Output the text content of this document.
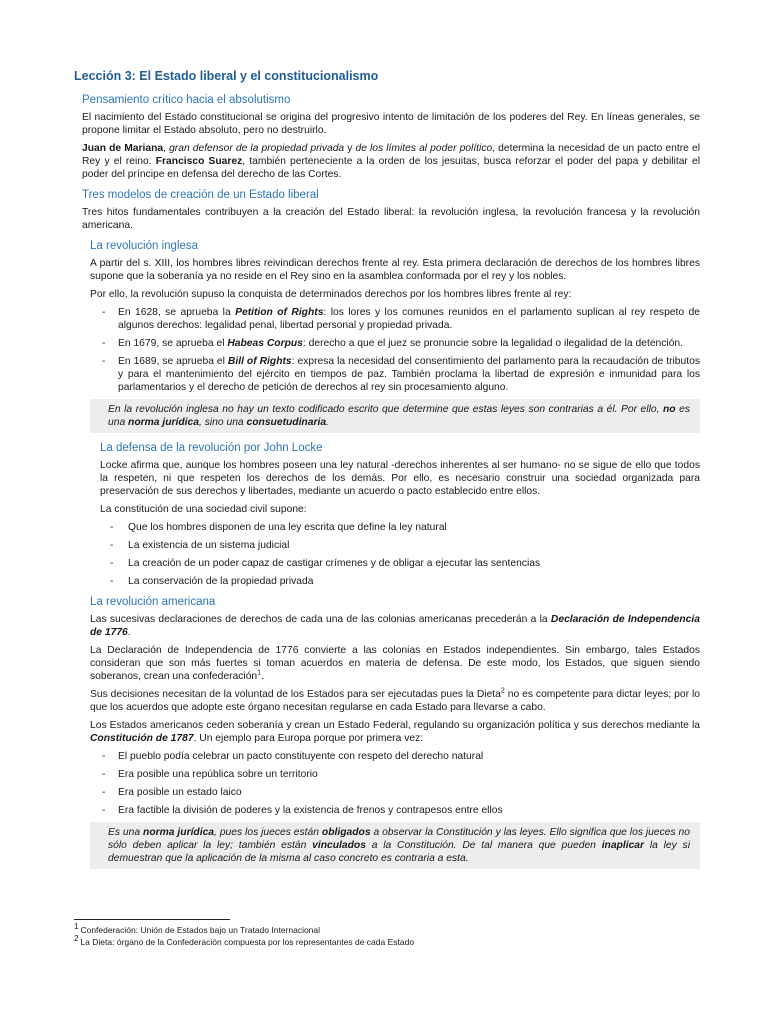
Lección 3: El Estado liberal y el constitucionalismo
Pensamiento crítico hacia el absolutismo

El nacimiento del Estado constitucional se origina del progresivo intento de limitación de los poderes del Rey. En líneas generales, se propone limitar el Estado absoluto, pero no destruirlo.

Juan de Mariana, gran defensor de la propiedad privada y de los límites al poder político, determina la necesidad de un pacto entre el Rey y el reino. Francisco Suarez, también perteneciente a la orden de los jesuitas, busca reforzar el poder del papa y debilitar el poder del príncipe en defensa del derecho de las Cortes.

Tres modelos de creación de un Estado liberal

Tres hitos fundamentales contribuyen a la creación del Estado liberal: la revolución inglesa, la revolución francesa y la revolución americana.

La revolución inglesa

A partir del s. XIII, los hombres libres reivindican derechos frente al rey. Esta primera declaración de derechos de los hombres libres supone que la soberanía ya no reside en el Rey sino en la asamblea conformada por el rey y los nobles.

Por ello, la revolución supuso la conquista de determinados derechos por los hombres libres frente al rey:

- En 1628, se aprueba la Petition of Rights: los lores y los comunes reunidos en el parlamento suplican al rey respeto de algunos derechos: legalidad penal, libertad personal y propiedad privada.
- En 1679, se aprueba el Habeas Corpus: derecho a que el juez se pronuncie sobre la legalidad o ilegalidad de la detención.
- En 1689, se aprueba el Bill of Rights: expresa la necesidad del consentimiento del parlamento para la recaudación de tributos y para el mantenimiento del ejército en tiempos de paz. También proclama la libertad de expresión e inmunidad para los parlamentarios y el derecho de petición de derechos al rey sin procesamiento alguno.
En la revolución inglesa no hay un texto codificado escrito que determine que estas leyes son contrarias a él. Por ello, no es una norma jurídica, sino una consuetudinaria.
La defensa de la revolución por John Locke

Locke afirma que, aunque los hombres poseen una ley natural -derechos inherentes al ser humano- no se sigue de ello que todos la respeten, ni que respeten los derechos de los demás. Por ello, es necesario construir una sociedad organizada para preservación de sus derechos y libertades, mediante un acuerdo o pacto establecido entre ellos.

La constitución de una sociedad civil supone:

- Que los hombres disponen de una ley escrita que define la ley natural
- La existencia de un sistema judicial
- La creación de un poder capaz de castigar crímenes y de obligar a ejecutar las sentencias
- La conservación de la propiedad privada
La revolución americana

Las sucesivas declaraciones de derechos de cada una de las colonias americanas precederán a la Declaración de Independencia de 1776.

La Declaración de Independencia de 1776 convierte a las colonias en Estados independientes. Sin embargo, tales Estados consideran que son más fuertes si toman acuerdos en materia de defensa. De este modo, los Estados, que siguen siendo soberanos, crean una confederación$^1$.

Sus decisiones necesitan de la voluntad de los Estados para ser ejecutadas pues la Dieta$^2$ no es competente para dictar leyes; por lo que los acuerdos que adopte este órgano necesitan regularse en cada Estado para llevarse a cabo.

Los Estados americanos ceden soberanía y crean un Estado Federal, regulando su organización política y sus derechos mediante la Constitución de 1787. Un ejemplo para Europa porque por primera vez:

- El pueblo podía celebrar un pacto constituyente con respeto del derecho natural
- Era posible una república sobre un territorio
- Era posible un estado laico
- Era factible la división de poderes y la existencia de frenos y contrapesos entre ellos
Es una norma jurídica, pues los jueces están obligados a observar la Constitución y las leyes. Ello significa que los jueces no sólo deben aplicar la ley; también están vinculados a la Constitución. De tal manera que pueden inaplicar la ley si demuestran que la aplicación de la misma al caso concreto es contraria a esta.

$^1$ Confederación: Unión de Estados bajo un Tratado Internacional

$^2$ La Dieta: órgano de la Confederación compuesta por los representantes de cada Estado
